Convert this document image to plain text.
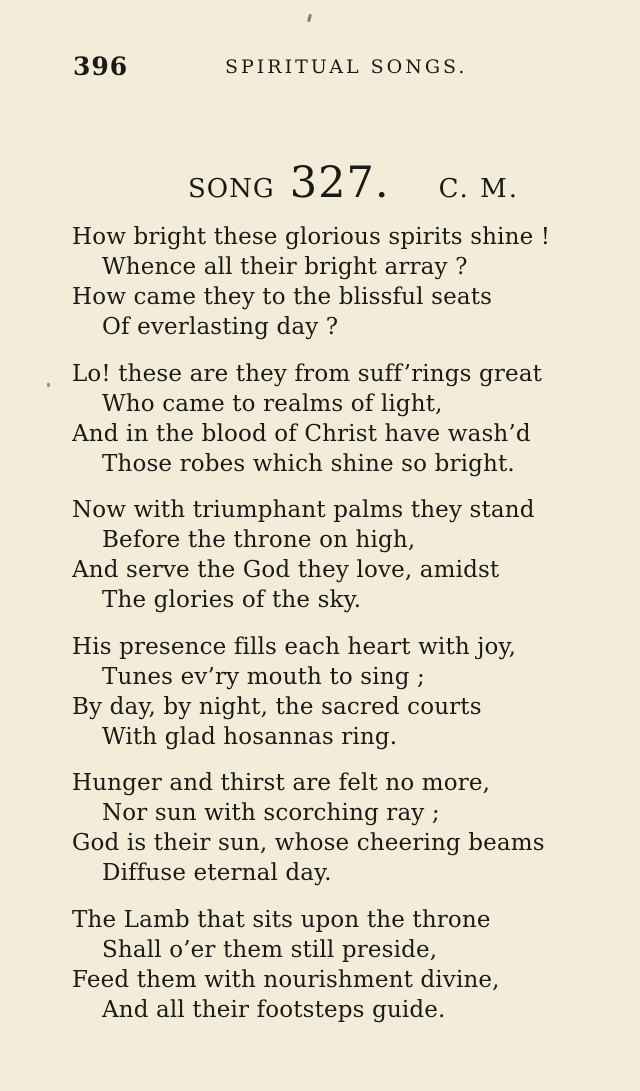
396	SPIRITUAL SONGS.
SONG 327. C. M.
How bright these glorious spirits shine !
Whence all their bright array ?
How came they to the blissful seats
Of everlasting day ?
Lo! these are they from suff’rings great
Who came to realms of light,
And in the blood of Christ have wash’d
Those robes which shine so bright.
Now with triumphant palms they stand
Before the throne on high,
And serve the God they love, amidst
The glories of the sky.
His presence fills each heart with joy,
Tunes ev’ry mouth to sing ;
By day, by night, the sacred courts
With glad hosannas ring.
Hunger and thirst are felt no more,
Nor sun with scorching ray ;
God is their sun, whose cheering beams
Diffuse eternal day.
The Lamb that sits upon the throne
Shall o’er them still preside,
Feed them with nourishment divine,
And all their footsteps guide.
